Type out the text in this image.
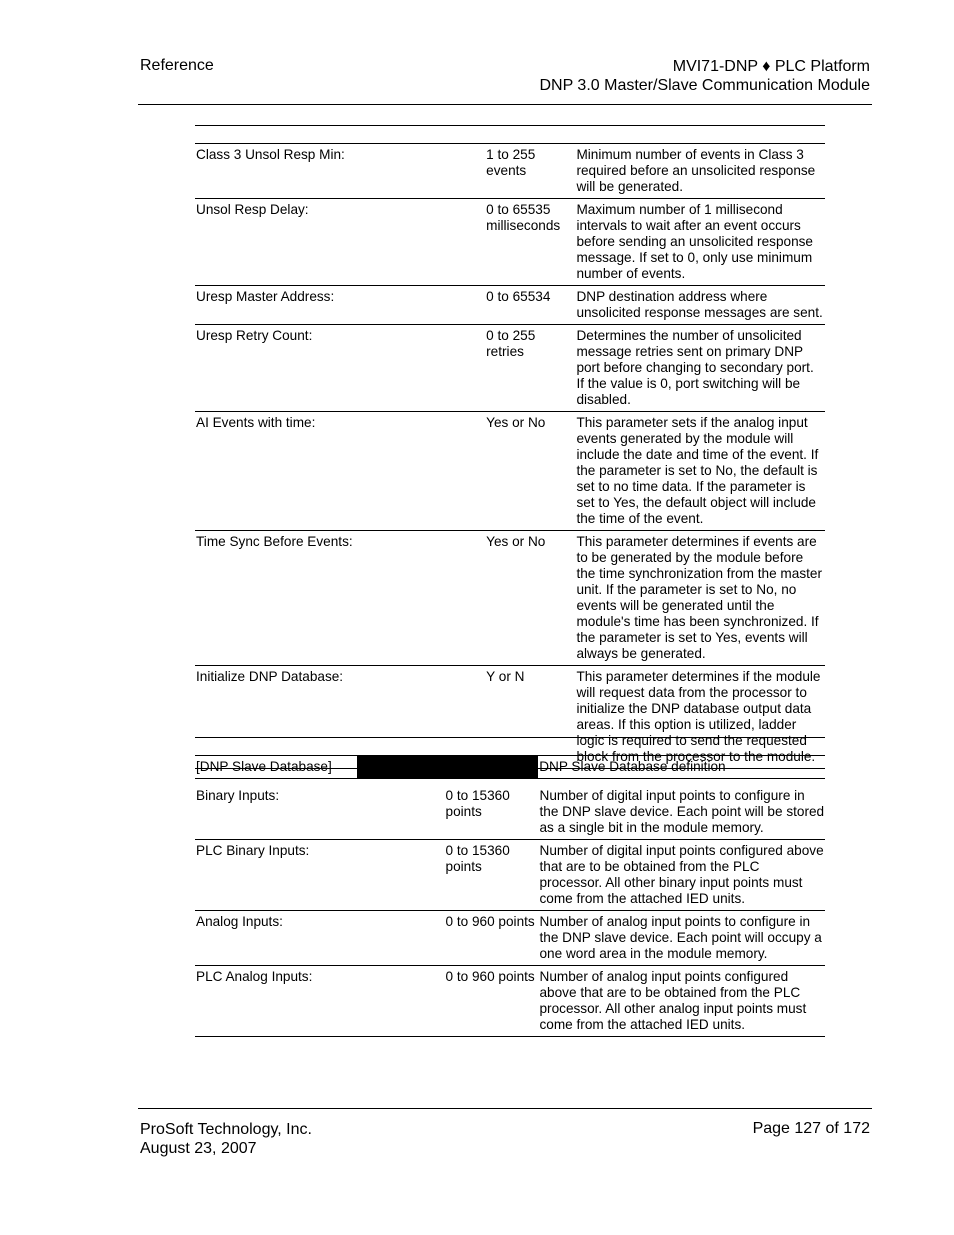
Reference	MVI71-DNP ♦ PLC Platform
DNP 3.0 Master/Slave Communication Module

Class 3 Unsol Resp Min:	1 to 255 events	Minimum number of events in Class 3 required before an unsolicited response will be generated.
Unsol Resp Delay:	0 to 65535 milliseconds	Maximum number of 1 millisecond intervals to wait after an event occurs before sending an unsolicited response message. If set to 0, only use minimum number of events.
Uresp Master Address:	0 to 65534	DNP destination address where unsolicited response messages are sent.
Uresp Retry Count:	0 to 255 retries	Determines the number of unsolicited message retries sent on primary DNP port before changing to secondary port. If the value is 0, port switching will be disabled.
AI Events with time:	Yes or No	This parameter sets if the analog input events generated by the module will include the date and time of the event. If the parameter is set to No, the default is set to no time data. If the parameter is set to Yes, the default object will include the time of the event.
Time Sync Before Events:	Yes or No	This parameter determines if events are to be generated by the module before the time synchronization from the master unit. If the parameter is set to No, no events will be generated until the module's time has been synchronized. If the parameter is set to Yes, events will always be generated.
Initialize DNP Database:	Y or N	This parameter determines if the module will request data from the processor to initialize the DNP database output data areas. If this option is utilized, ladder logic is required to send the requested block from the processor to the module.

[DNP Slave Database]		DNP Slave Database definition
Binary Inputs:	0 to 15360 points	Number of digital input points to configure in the DNP slave device. Each point will be stored as a single bit in the module memory.
PLC Binary Inputs:	0 to 15360 points	Number of digital input points configured above that are to be obtained from the PLC processor. All other binary input points must come from the attached IED units.
Analog Inputs:	0 to 960 points	Number of analog input points to configure in the DNP slave device. Each point will occupy a one word area in the module memory.
PLC Analog Inputs:	0 to 960 points	Number of analog input points configured above that are to be obtained from the PLC processor. All other analog input points must come from the attached IED units.
ProSoft Technology, Inc.
August 23, 2007
Page 127 of 172
